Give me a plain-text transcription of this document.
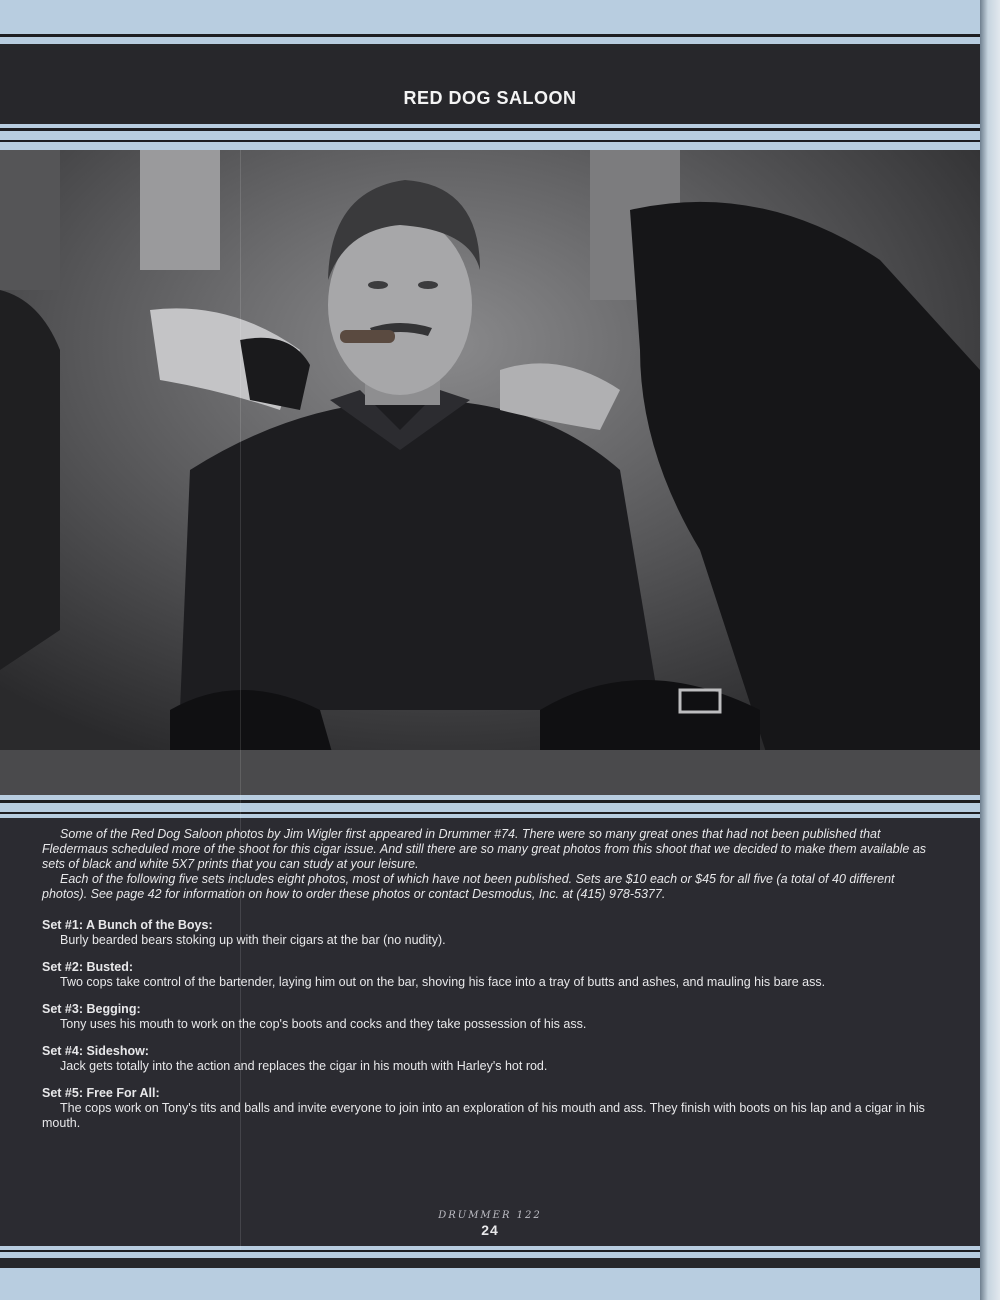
RED DOG SALOON

Some of the Red Dog Saloon photos by Jim Wigler first appeared in Drummer #74. There were so many great ones that had not been published that Fledermaus scheduled more of the shoot for this cigar issue. And still there are so many great photos from this shoot that we decided to make them available as sets of black and white 5X7 prints that you can study at your leisure.

Each of the following five sets includes eight photos, most of which have not been published. Sets are $10 each or $45 for all five (a total of 40 different photos). See page 42 for information on how to order these photos or contact Desmodus, Inc. at (415) 978-5377.

Set #1: A Bunch of the Boys:

Burly bearded bears stoking up with their cigars at the bar (no nudity).

Set #2: Busted:

Two cops take control of the bartender, laying him out on the bar, shoving his face into a tray of butts and ashes, and mauling his bare ass.

Set #3: Begging:

Tony uses his mouth to work on the cop's boots and cocks and they take possession of his ass.

Set #4: Sideshow:

Jack gets totally into the action and replaces the cigar in his mouth with Harley's hot rod.

Set #5: Free For All:

The cops work on Tony's tits and balls and invite everyone to join into an exploration of his mouth and ass. They finish with boots on his lap and a cigar in his mouth.

DRUMMER 122
24
